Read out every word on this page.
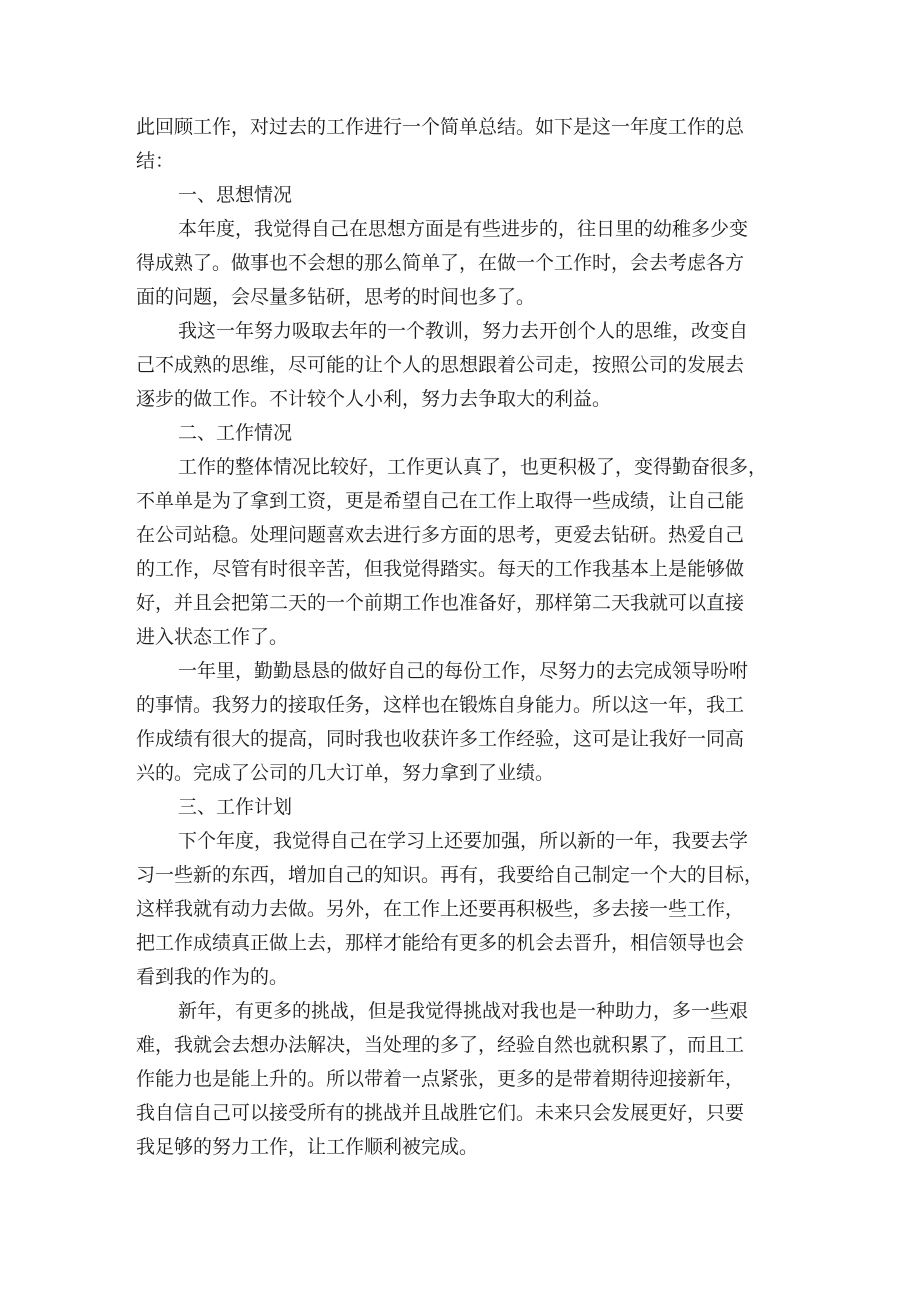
此回顾工作，对过去的工作进行一个简单总结。如下是这一年度工作的总
结：
一、思想情况
本年度，我觉得自己在思想方面是有些进步的，往日里的幼稚多少变
得成熟了。做事也不会想的那么简单了，在做一个工作时，会去考虑各方
面的问题，会尽量多钻研，思考的时间也多了。
我这一年努力吸取去年的一个教训，努力去开创个人的思维，改变自
己不成熟的思维，尽可能的让个人的思想跟着公司走，按照公司的发展去
逐步的做工作。不计较个人小利，努力去争取大的利益。
二、工作情况
工作的整体情况比较好，工作更认真了，也更积极了，变得勤奋很多，
不单单是为了拿到工资，更是希望自己在工作上取得一些成绩，让自己能
在公司站稳。处理问题喜欢去进行多方面的思考，更爱去钻研。热爱自己
的工作，尽管有时很辛苦，但我觉得踏实。每天的工作我基本上是能够做
好，并且会把第二天的一个前期工作也准备好，那样第二天我就可以直接
进入状态工作了。
一年里，勤勤恳恳的做好自己的每份工作，尽努力的去完成领导吩咐
的事情。我努力的接取任务，这样也在锻炼自身能力。所以这一年，我工
作成绩有很大的提高，同时我也收获许多工作经验，这可是让我好一同高
兴的。完成了公司的几大订单，努力拿到了业绩。
三、工作计划
下个年度，我觉得自己在学习上还要加强，所以新的一年，我要去学
习一些新的东西，增加自己的知识。再有，我要给自己制定一个大的目标，
这样我就有动力去做。另外，在工作上还要再积极些，多去接一些工作，
把工作成绩真正做上去，那样才能给有更多的机会去晋升，相信领导也会
看到我的作为的。
新年，有更多的挑战，但是我觉得挑战对我也是一种助力，多一些艰
难，我就会去想办法解决，当处理的多了，经验自然也就积累了，而且工
作能力也是能上升的。所以带着一点紧张，更多的是带着期待迎接新年，
我自信自己可以接受所有的挑战并且战胜它们。未来只会发展更好，只要
我足够的努力工作，让工作顺利被完成。
